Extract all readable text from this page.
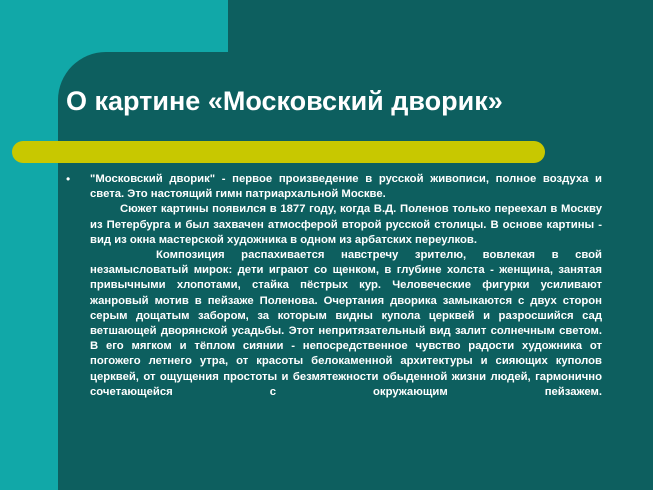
О картине «Московский дворик»
• "Московский дворик" - первое произведение в русской живописи, полное воздуха и света. Это настоящий гимн патриархальной Москве.
Сюжет картины появился в 1877 году, когда В.Д. Поленов только переехал в Москву из Петербурга и был захвачен атмосферой второй русской столицы. В основе картины - вид из окна мастерской художника в одном из арбатских переулков.
Композиция распахивается навстречу зрителю, вовлекая в свой незамысловатый мирок: дети играют со щенком, в глубине холста - женщина, занятая привычными хлопотами, стайка пёстрых кур. Человеческие фигурки усиливают жанровый мотив в пейзаже Поленова. Очертания дворика замыкаются с двух сторон серым дощатым забором, за которым видны купола церквей и разросшийся сад ветшающей дворянской усадьбы. Этот непритязательный вид залит солнечным светом. В его мягком и тёплом сиянии - непосредственное чувство радости художника от погожего летнего утра, от красоты белокаменной архитектуры и сияющих куполов церквей, от ощущения простоты и безмятежности обыденной жизни людей, гармонично сочетающейся с окружающим пейзажем.
